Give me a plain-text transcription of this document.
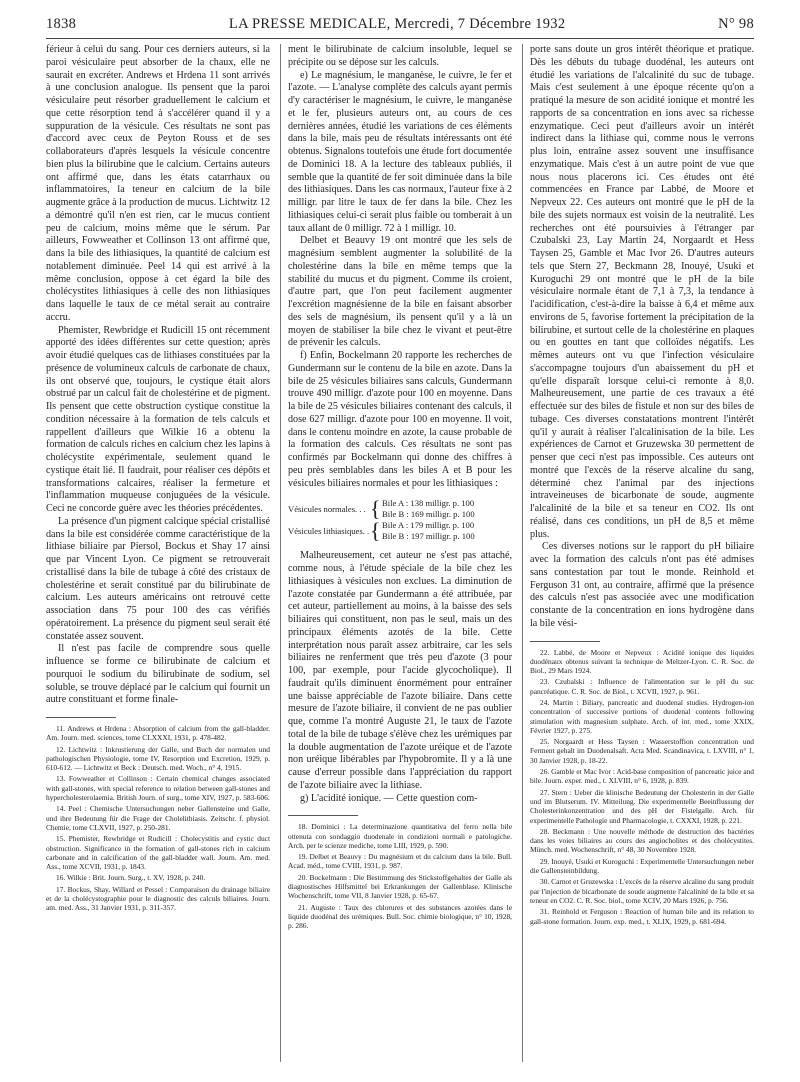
1838	LA PRESSE MEDICALE, Mercredi, 7 Décembre 1932	N° 98

férieur à celui du sang. Pour ces derniers auteurs, si la paroi vésiculaire peut absorber de la chaux, elle ne saurait en excréter. Andrews et Hrdena 11 sont arrivés à une conclusion analogue. Ils pensent que la paroi vésiculaire peut résorber graduellement le calcium et que cette résorption tend à s'accélérer quand il y a suppuration de la vésicule. Ces résultats ne sont pas d'accord avec ceux de Peyton Rouss et de ses collaborateurs d'après lesquels la vésicule concentre bien plus la bilirubine que le calcium. Certains auteurs ont affirmé que, dans les états catarrhaux ou inflammatoires, la teneur en calcium de la bile augmente grâce à la production de mucus. Lichtwitz 12 a démontré qu'il n'en est rien, car le mucus contient peu de calcium, moins même que le sérum. Par ailleurs, Fowweather et Collinson 13 ont affirmé que, dans la bile des lithiasiques, la quantité de calcium est notablement diminuée. Peel 14 qui est arrivé à la même conclusion, oppose à cet égard la bile des cholécystites lithiasiques à celle des non lithiasiques dans laquelle le taux de ce métal serait au contraire accru.

Phemister, Rewbridge et Rudicill 15 ont récemment apporté des idées différentes sur cette question; après avoir étudié quelques cas de lithiases constituées par la présence de volumineux calculs de carbonate de chaux, ils ont observé que, toujours, le cystique était alors obstrué par un calcul fait de cholestérine et de pigment. Ils pensent que cette obstruction cystique constitue la condition nécessaire à la formation de tels calculs et rappellent d'ailleurs que Wilkie 16 a obtenu la formation de calculs riches en calcium chez les lapins à cholécystite expérimentale, seulement quand le cystique était lié. Il faudrait, pour réaliser ces dépôts et transformations calcaires, réaliser la fermeture et l'inflammation muqueuse conjuguées de la vésicule. Ceci ne concorde guère avec les théories précédentes.

La présence d'un pigment calcique spécial cristallisé dans la bile est considérée comme caractéristique de la lithiase biliaire par Piersol, Bockus et Shay 17 ainsi que par Vincent Lyon. Ce pigment se retrouverait cristallisé dans la bile de tubage à côté des cristaux de cholestérine et serait constitué par du bilirubinate de calcium. Les auteurs américains ont retrouvé cette association dans 75 pour 100 des cas vérifiés opératoirement. La présence du pigment seul serait été constatée assez souvent.

Il n'est pas facile de comprendre sous quelle influence se forme ce bilirubinate de calcium et pourquoi le sodium du bilirubinate de sodium, sel soluble, se trouve déplacé par le calcium qui fournit un autre constituant et forme finale-

11. Andrews et Hrdena : Absorption of calcium from the gall-bladder. Am. Journ. med. sciences, tome CLXXXI, 1931, p. 478-482.

12. Lichtwitz : Inkrustierung der Galle, und Buch der normalen und pathologischen Physiologie, tome IV, Resorption und Excretion, 1929, p. 610-612. — Lichtwitz et Beck : Deutsch. med. Woch., n° 4, 1915.

13. Fowweather et Collinson : Certain chemical changes associated with gall-stones, with special reference to relation between gall-stones and hypercholesterolaemia. British Journ. of surg., tome XIV, 1927, p. 583-606.

14. Peel : Chemische Untersuchungen neber Gallensteine und Galle, und ihre Bedeutung für die Frage der Cholelithiasis. Zeitschr. f. physiol. Chemie, tome CLXVII, 1927, p. 250-281.

15. Phemister, Rewbridge et Rudicill : Cholecystitis and cystic duct obstruction. Significance in the formation of gall-stones rich in calcium carbonate and in calcification of the gall-bladder wall. Journ. Am. med. Ass., tome XCVII, 1931, p. 1843.

16. Wilkie : Brit. Journ. Surg., t. XV, 1928, p. 240.

17. Bockus, Shay, Willard et Pessel : Comparaison du drainage biliaire et de la cholécystographie pour le diagnostic des calculs biliaires. Journ. am. med. Ass., 31 Janvier 1931, p. 311-357.

ment le bilirubinate de calcium insoluble, lequel se précipite ou se dépose sur les calculs.

e) Le magnésium, le manganèse, le cuivre, le fer et l'azote. — L'analyse complète des calculs ayant permis d'y caractériser le magnésium, le cuivre, le manganèse et le fer, plusieurs auteurs ont, au cours de ces dernières années, étudié les variations de ces éléments dans la bile, mais peu de résultats intéressants ont été obtenus. Signalons toutefois une étude fort documentée de Dominici 18. A la lecture des tableaux publiés, il semble que la quantité de fer soit diminuée dans la bile des lithiasiques. Dans les cas normaux, l'auteur fixe à 2 milligr. par litre le taux de fer dans la bile. Chez les lithiasiques celui-ci serait plus faible ou tomberait à un taux allant de 0 milligr. 72 à 1 milligr. 10.

Delbet et Beauvy 19 ont montré que les sels de magnésium semblent augmenter la solubilité de la cholestérine dans la bile en même temps que la stabilité du mucus et du pigment. Comme ils croient, d'autre part, que l'on peut facilement augmenter l'excrétion magnésienne de la bile en faisant absorber des sels de magnésium, ils pensent qu'il y a là un moyen de stabiliser la bile chez le vivant et peut-être de prévenir les calculs.

f) Enfin, Bockelmann 20 rapporte les recherches de Gundermann sur le contenu de la bile en azote. Dans la bile de 25 vésicules biliaires sans calculs, Gundermann trouve 490 milligr. d'azote pour 100 en moyenne. Dans la bile de 25 vésicules biliaires contenant des calculs, il dose 627 milligr. d'azote pour 100 en moyenne. Il voit, dans le contenu moindre en azote, la cause probable de la formation des calculs. Ces résultats ne sont pas confirmés par Bockelmann qui donne des chiffres à peu près semblables dans les biles A et B pour les vésicules biliaires normales et pour les lithiasiques :

Vésicules normales. . . { Bile A : 138 milligr. p. 100
Bile B : 169 milligr. p. 100
Vésicules lithiasiques. . { Bile A : 179 milligr. p. 100
Bile B : 197 milligr. p. 100

Malheureusement, cet auteur ne s'est pas attaché, comme nous, à l'étude spéciale de la bile chez les lithiasiques à vésicules non exclues. La diminution de l'azote constatée par Gundermann a été attribuée, par cet auteur, partiellement au moins, à la baisse des sels biliaires qui constituent, non pas le seul, mais un des principaux éléments azotés de la bile. Cette interprétation nous paraît assez arbitraire, car les sels biliaires ne renferment que très peu d'azote (3 pour 100, par exemple, pour l'acide glycocholique). Il faudrait qu'ils diminuent énormément pour entraîner une baisse appréciable de l'azote biliaire. Dans cette mesure de l'azote biliaire, il convient de ne pas oublier que, comme l'a montré Auguste 21, le taux de l'azote total de la bile de tubage s'élève chez les urémiques par la double augmentation de l'azote uréique et de l'azote non uréique libérables par l'hypobromite. Il y a là une cause d'erreur possible dans l'appréciation du rapport de l'azote biliaire avec la lithiase.

g) L'acidité ionique. — Cette question com-

18. Dominici : La determinazione quantitativa del ferro nella bile ottenuta con sondaggio duodenale in condizioni normali e patologiche. Arch. per le scienze mediche, tome LIII, 1929, p. 590.

19. Delbet et Beauvy : Du magnésium et du calcium dans la bile. Bull. Acad. méd., tome CVIII, 1931, p. 987.

20. Bockelmann : Die Bestimmung des Stickstoffgehaltes der Galle als diagnostisches Hilfsmittel bei Erkrankungen der Gallenblase. Klinische Wochenschrift, tome VII, 8 Janvier 1928, p. 65-67.

21. Auguste : Taux des chlorures et des substances azotées dans le liquide duodénal des urémiques. Bull. Soc. chimie biologique, n° 10, 1928, p. 286.

porte sans doute un gros intérêt théorique et pratique. Dès les débuts du tubage duodénal, les auteurs ont étudié les variations de l'alcalinité du suc de tubage. Mais c'est seulement à une époque récente qu'on a pratiqué la mesure de son acidité ionique et montré les rapports de sa concentration en ions avec sa richesse enzymatique. Ceci peut d'ailleurs avoir un intérêt indirect dans la lithiase qui, comme nous le verrons plus loin, entraîne assez souvent une insuffisance enzymatique. Mais c'est à un autre point de vue que nous nous placerons ici. Ces études ont été commencées en France par Labbé, de Moore et Nepveux 22. Ces auteurs ont montré que le pH de la bile des sujets normaux est voisin de la neutralité. Les recherches ont été poursuivies à l'étranger par Czubalski 23, Lay Martin 24, Norgaardt et Hess Taysen 25, Gamble et Mac Ivor 26. D'autres auteurs tels que Stern 27, Beckmann 28, Inouyé, Usuki et Kuroguchi 29 ont montré que le pH de la bile vésiculaire normale étant de 7,1 à 7,3, la tendance à l'acidification, c'est-à-dire la baisse à 6,4 et même aux environs de 5, favorise fortement la précipitation de la bilirubine, et surtout celle de la cholestérine en plaques ou en gouttes en tant que colloïdes négatifs. Les mêmes auteurs ont vu que l'infection vésiculaire s'accompagne toujours d'un abaissement du pH et qu'elle disparaît lorsque celui-ci remonte à 8,0. Malheureusement, une partie de ces travaux a été effectuée sur des biles de fistule et non sur des biles de tubage. Ces diverses constatations montrent l'intérêt qu'il y aurait à réaliser l'alcalinisation de la bile. Les expériences de Carnot et Gruzewska 30 permettent de penser que ceci n'est pas impossible. Ces auteurs ont montré que l'excès de la réserve alcaline du sang, déterminé chez l'animal par des injections intraveineuses de bicarbonate de soude, augmente l'alcalinité de la bile et sa teneur en CO2. Ils ont réalisé, dans ces conditions, un pH de 8,5 et même plus.

Ces diverses notions sur le rapport du pH biliaire avec la formation des calculs n'ont pas été admises sans contestation par tout le monde. Reinhold et Ferguson 31 ont, au contraire, affirmé que la présence des calculs n'est pas associée avec une modification constante de la concentration en ions hydrogène dans la bile vési-

22. Labbé, de Moore et Nepveux : Acidité ionique des liquides duodénaux obtenus suivant la technique de Meltzer-Lyon. C. R. Soc. de Biol., 29 Mars 1924.

23. Czubalski : Influence de l'alimentation sur le pH du suc pancréatique. C. R. Soc. de Biol., t. XCVII, 1927, p. 961.

24. Martin : Biliary, pancreatic and duodenal studies. Hydrogen-ion concentration of successive portions of duodenal contents following stimulation with magnesium sulphate. Arch. of int. med., tome XXIX, Février 1927, p. 275.

25. Norgaardt et Hess Taysen : Wasserstoffion concentration und Ferment gehalt im Duodenalsaft. Acta Med. Scandinavica, t. LXVIII, n° 1, 30 Janvier 1928, p. 18-22.

26. Gamble et Mac Ivor : Acid-base composition of pancreatic juice and bile. Journ. exper. med., t. XLVIII, n° 6, 1928, p. 839.

27. Stern : Ueber die klinische Bedeutung der Cholesterin in der Galle und im Blutserum. IV. Mitteilung. Die experimentelle Beeinflussung der Cholesterinkonzentration und des pH der Fistelgalle. Arch. für experimentelle Pathologie und Pharmacologie, t. CXXXI, 1928, p. 221.

28. Beckmann : Une nouvelle méthode de destruction des bactéries dans les voies biliaires au cours des angiocholites et des cholécystites. Münch. med. Wochenschrift, n° 48, 30 Novembre 1928.

29. Inouyé, Usuki et Kuroguchi : Experimentelle Untersuchungen neber die Gallensteinbildung.

30. Carnot et Gruzewska : L'excès de la réserve alcaline du sang produit par l'injection de bicarbonate de soude augmente l'alcalinité de la bile et sa teneur en CO2. C. R. Soc. biol., tome XCIV, 20 Mars 1926, p. 756.

31. Reinhold et Ferguson : Reaction of human bile and its relation to gall-stone formation. Journ. exp. med., t. XLIX, 1929, p. 681-694.
